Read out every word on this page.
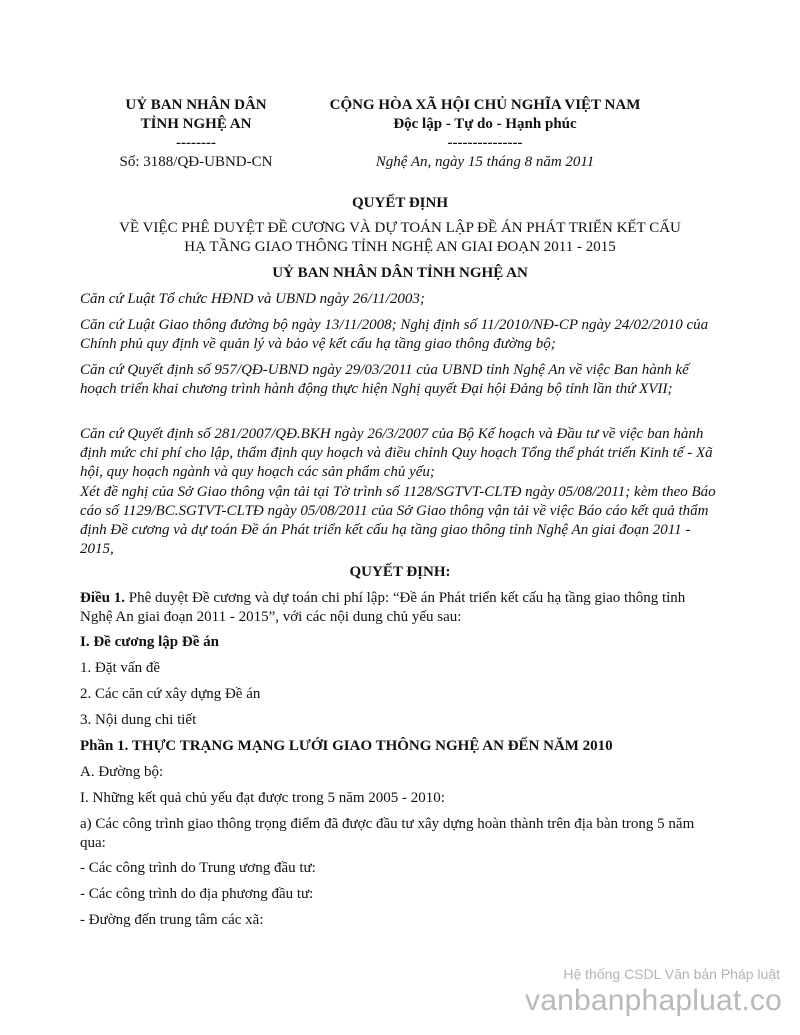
UỶ BAN NHÂN DÂN
TỈNH NGHỆ AN
--------
Số: 3188/QĐ-UBND-CN
CỘNG HÒA XÃ HỘI CHỦ NGHĨA VIỆT NAM
Độc lập - Tự do - Hạnh phúc
---------------
Nghệ An, ngày 15 tháng 8 năm 2011
QUYẾT ĐỊNH
VỀ VIỆC PHÊ DUYỆT ĐỀ CƯƠNG VÀ DỰ TOÁN LẬP ĐỀ ÁN PHÁT TRIỂN KẾT CẤU
HẠ TẦNG GIAO THÔNG TỈNH NGHỆ AN GIAI ĐOẠN 2011 - 2015
UỶ BAN NHÂN DÂN TỈNH NGHỆ AN
Căn cứ Luật Tổ chức HĐND và UBND ngày 26/11/2003;
Căn cứ Luật Giao thông đường bộ ngày 13/11/2008; Nghị định số 11/2010/NĐ-CP ngày 24/02/2010 của Chính phủ quy định về quản lý và bảo vệ kết cấu hạ tầng giao thông đường bộ;
Căn cứ Quyết định số 957/QĐ-UBND ngày 29/03/2011 của UBND tỉnh Nghệ An về việc Ban hành kế hoạch triển khai chương trình hành động thực hiện Nghị quyết Đại hội Đảng bộ tỉnh lần thứ XVII;
Căn cứ Quyết định số 281/2007/QĐ.BKH ngày 26/3/2007 của Bộ Kế hoạch và Đầu tư về việc ban hành định mức chi phí cho lập, thẩm định quy hoạch và điều chỉnh Quy hoạch Tổng thể phát triển Kinh tế - Xã hội, quy hoạch ngành và quy hoạch các sản phẩm chủ yếu;
Xét đề nghị của Sở Giao thông vận tải tại Tờ trình số 1128/SGTVT-CLTĐ ngày 05/08/2011; kèm theo Báo cáo số 1129/BC.SGTVT-CLTĐ ngày 05/08/2011 của Sở Giao thông vận tải về việc Báo cáo kết quả thẩm định Đề cương và dự toán Đề án Phát triển kết cấu hạ tầng giao thông tỉnh Nghệ An giai đoạn 2011 - 2015,
QUYẾT ĐỊNH:
Điều 1. Phê duyệt Đề cương và dự toán chi phí lập: “Đề án Phát triển kết cấu hạ tầng giao thông tỉnh Nghệ An giai đoạn 2011 - 2015”, với các nội dung chủ yếu sau:
I. Đề cương lập Đề án
1. Đặt vấn đề
2. Các căn cứ xây dựng Đề án
3. Nội dung chi tiết
Phần 1. THỰC TRẠNG MẠNG LƯỚI GIAO THÔNG NGHỆ AN ĐẾN NĂM 2010
A. Đường bộ:
I. Những kết quả chủ yếu đạt được trong 5 năm 2005 - 2010:
a) Các công trình giao thông trọng điểm đã được đầu tư xây dựng hoàn thành trên địa bàn trong 5 năm qua:
- Các công trình do Trung ương đầu tư:
- Các công trình do địa phương đầu tư:
- Đường đến trung tâm các xã:
Hệ thống CSDL Văn bản Pháp luật
vanbanphapluat.co
